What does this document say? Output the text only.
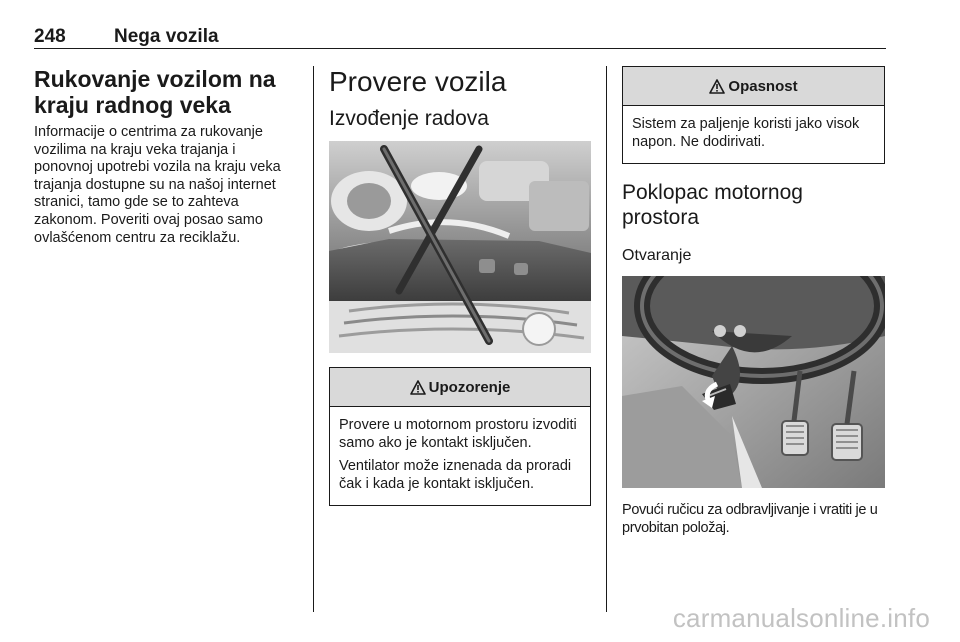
248	Nega vozila
Rukovanje vozilom na kraju radnog veka

Informacije o centrima za rukovanje vozilima na kraju veka trajanja i ponovnoj upotrebi vozila na kraju veka trajanja dostupne su na našoj internet stranici, tamo gde se to zahteva zakonom. Poveriti ovaj posao samo ovlašćenom centru za reciklažu.

Provere vozila
Izvođenje radova
Upozorenje

Provere u motornom prostoru izvoditi samo ako je kontakt isključen.

Ventilator može iznenada da proradi čak i kada je kontakt isključen.

Opasnost

Sistem za paljenje koristi jako visok napon. Ne dodirivati.

Poklopac motornog prostora
Otvaranje

Povući ručicu za odbravljivanje i vratiti je u prvobitan položaj.

carmanualsonline.info
